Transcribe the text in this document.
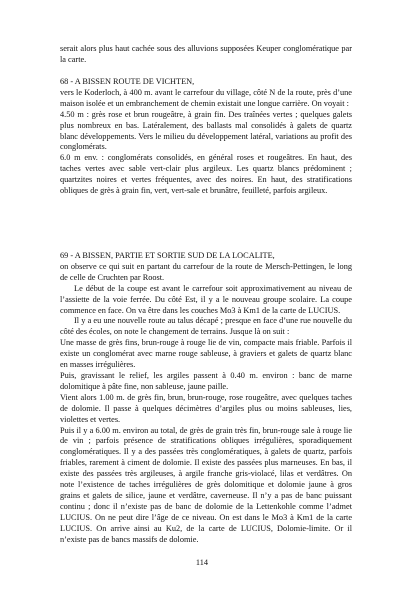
serait alors plus haut cachée sous des alluvions supposées Keuper conglomératique par la carte.

68 - A BISSEN ROUTE DE VICHTEN,

vers le Koderloch, à 400 m. avant le carrefour du village, côté N de la route, près d’une maison isolée et un embranchement de chemin existait une longue carrière. On voyait :

4.50 m : grès rose et brun rougeâtre, à grain fin. Des traînées vertes ; quelques galets plus nombreux en bas. Latéralement, des ballasts mal consolidés à galets de quartz blanc développements. Vers le milieu du développement latéral, variations au profit des conglomérats.

6.0 m env. : conglomérats consolidés, en général roses et rougeâtres. En haut, des taches vertes avec sable vert-clair plus argileux. Les quartz blancs prédominent ; quartzites noires et vertes fréquentes, avec des noires. En haut, des stratifications obliques de grès à grain fin, vert, vert-sale et brunâtre, feuilleté, parfois argileux.

69 - A BISSEN, PARTIE ET SORTIE SUD DE LA LOCALITE,

on observe ce qui suit en partant du carrefour de la route de Mersch-Pettingen, le long de celle de Cruchten par Roost.

Le début de la coupe est avant le carrefour soit approximativement au niveau de l’assiette de la voie ferrée. Du côté Est, il y a le nouveau groupe scolaire. La coupe commence en face. On va être dans les couches Mo3 à Km1 de la carte de LUCIUS.

Il y a eu une nouvelle route au talus décapé ; presque en face d’une rue nouvelle du côté des écoles, on note le changement de terrains. Jusque là on suit :

Une masse de grès fins, brun-rouge à rouge lie de vin, compacte mais friable. Parfois il existe un conglomérat avec marne rouge sableuse, à graviers et galets de quartz blanc en masses irrégulières.

Puis, gravissant le relief, les argiles passent à 0.40 m. environ : banc de marne dolomitique à pâte fine, non sableuse, jaune paille.

Vient alors 1.00 m. de grès fin, brun, brun-rouge, rose rougeâtre, avec quelques taches de dolomie. Il passe à quelques décimètres d’argiles plus ou moins sableuses, lies, violettes et vertes.

Puis il y a 6.00 m. environ au total, de grès de grain très fin, brun-rouge sale à rouge lie de vin ; parfois présence de stratifications obliques irrégulières, sporadiquement conglomératiques. Il y a des passées très conglomératiques, à galets de quartz, parfois friables, rarement à ciment de dolomie. Il existe des passées plus marneuses. En bas, il existe des passées très argileuses, à argile franche gris-violacé, lilas et verdâtres. On note l’existence de taches irrégulières de grès dolomitique et dolomie jaune à gros grains et galets de silice, jaune et verdâtre, caverneuse. Il n’y a pas de banc puissant continu ; donc il n’existe pas de banc de dolomie de la Lettenkohle comme l’admet LUCIUS. On ne peut dire l’âge de ce niveau. On est dans le Mo3 à Km1 de la carte LUCIUS. On arrive ainsi au Ku2, de la carte de LUCIUS, Dolomie-limite. Or il n’existe pas de bancs massifs de dolomie.

114
